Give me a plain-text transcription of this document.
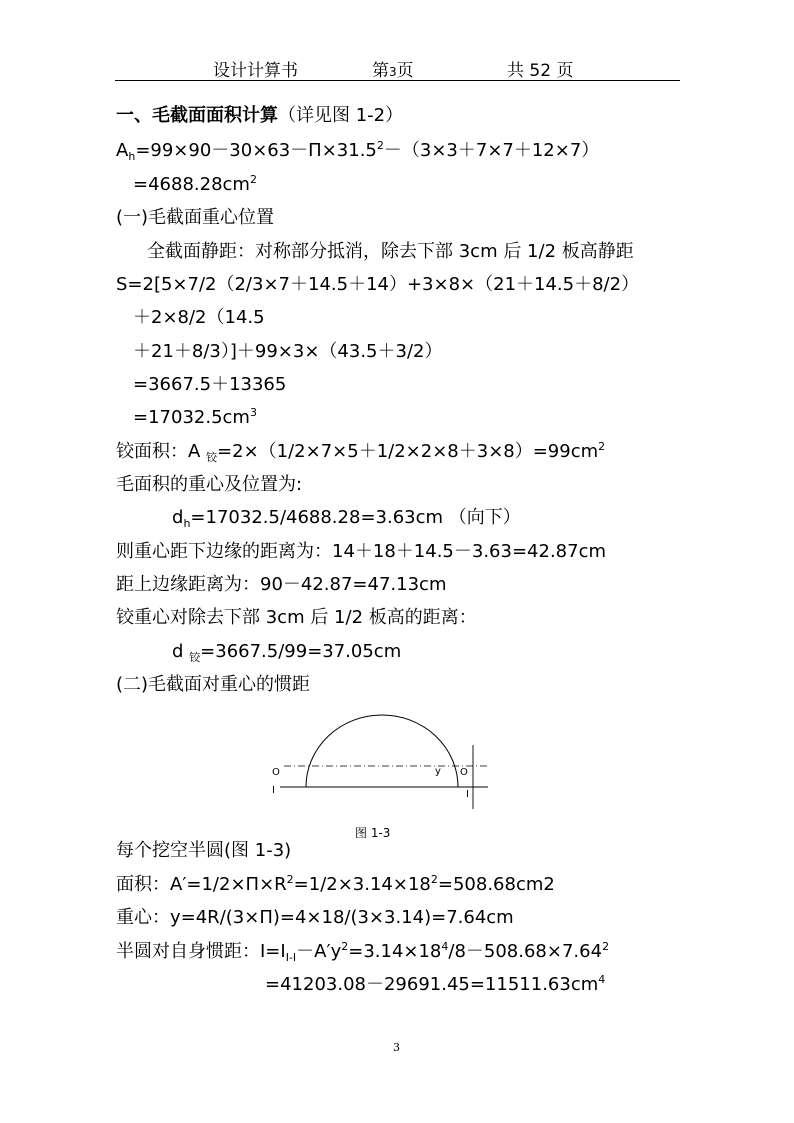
设计计算书	第3页	共 52 页
一、毛截面面积计算（详见图 1-2）
$A_h=99\times 90-30\times 63-\Pi\times 31.5^2-(3\times 3+7\times 7+12\times 7)$
$=4688.28cm^2$
(一)毛截面重心位置
全截面静距：对称部分抵消，除去下部 3cm 后 1/2 板高静距
S=2[5×7/2（2/3×7＋14.5＋14）+3×8×（21＋14.5＋8/2）
＋2×8/2（14.5
＋21＋8/3）]＋99×3×（43.5＋3/2）
=3667.5＋13365
$=17032.5cm^3$
铰面积：A $_铰=2\times(1/2\times 7\times 5+1/2\times 2\times 8+3\times 8)=99cm^2$
毛面积的重心及位置为:
$d_h=17032.5/4688.28=3.63cm$ （向下）
则重心距下边缘的距离为：14＋18＋14.5－3.63=42.87cm
距上边缘距离为：90－42.87=47.13cm
铰重心对除去下部 3cm 后 1/2 板高的距离：
d $_铰$=3667.5/99=37.05cm
(二)毛截面对重心的惯距
O
I
y O
I
图 1-3
每个挖空半圆(图 1-3)
面积：$A'=1/2\times\Pi\times R^2=1/2\times 3.14\times 18^2=508.68cm2$
重心：y=4R/(3×Π)=4×18/(3×3.14)=7.64cm
半圆对自身惯距：$I=I_{I-I}-A'y^2=3.14\times 18^4/8-508.68\times 7.64^2$
$=41203.08-29691.45=11511.63cm^4$
3
